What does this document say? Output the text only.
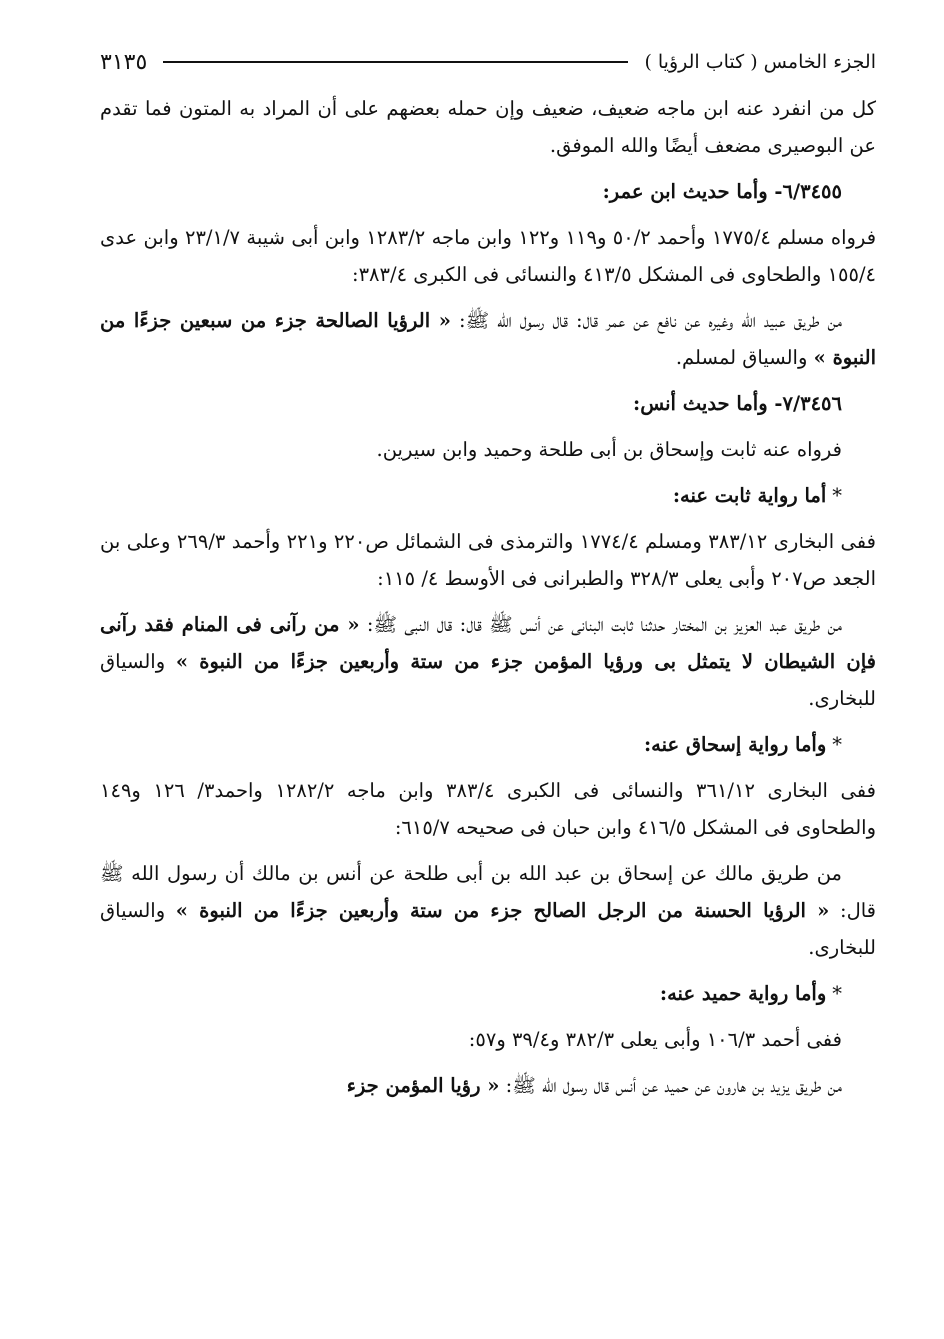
الجزء الخامس ( كتاب الرؤيا )
٣١٣٥

كل من انفرد عنه ابن ماجه ضعيف، ضعيف وإن حمله بعضهم على أن المراد به المتون فما تقدم عن البوصيرى مضعف أيضًا والله الموفق.

٦/٣٤٥٥- وأما حديث ابن عمر:

فرواه مسلم ١٧٧٥/٤ وأحمد ٥٠/٢ و١١٩ و١٢٢ وابن ماجه ١٢٨٣/٢ وابن أبى شيبة ٢٣/١/٧ وابن عدى ١٥٥/٤ والطحاوى فى المشكل ٤١٣/٥ والنسائى فى الكبرى ٣٨٣/٤:

من طريق عبيد الله وغيره عن نافع عن عمر قال: قال رسول الله ﷺ: « الرؤيا الصالحة جزء من سبعين جزءًا من النبوة » والسياق لمسلم.

٧/٣٤٥٦- وأما حديث أنس:

فرواه عنه ثابت وإسحاق بن أبى طلحة وحميد وابن سيرين.

*أما رواية ثابت عنه:

ففى البخارى ٣٨٣/١٢ ومسلم ١٧٧٤/٤ والترمذى فى الشمائل ص٢٢٠ و٢٢١ وأحمد ٢٦٩/٣ وعلى بن الجعد ص٢٠٧ وأبى يعلى ٣٢٨/٣ والطبرانى فى الأوسط ٤/ ١١٥:

من طريق عبد العزيز بن المختار حدثنا ثابت البنانى عن أنس ﷺ قال: قال النبى ﷺ: « من رآنى فى المنام فقد رآنى فإن الشيطان لا يتمثل بى ورؤيا المؤمن جزء من ستة وأربعين جزءًا من النبوة » والسياق للبخارى.

*وأما رواية إسحاق عنه:

ففى البخارى ٣٦١/١٢ والنسائى فى الكبرى ٣٨٣/٤ وابن ماجه ١٢٨٢/٢ واحمد٣/ ١٢٦ و١٤٩ والطحاوى فى المشكل ٤١٦/٥ وابن حبان فى صحيحه ٦١٥/٧:

من طريق مالك عن إسحاق بن عبد الله بن أبى طلحة عن أنس بن مالك أن رسول الله ﷺ قال: « الرؤيا الحسنة من الرجل الصالح جزء من ستة وأربعين جزءًا من النبوة » والسياق للبخارى.

*وأما رواية حميد عنه:

ففى أحمد ١٠٦/٣ وأبى يعلى ٣٨٢/٣ و٣٩/٤ و٥٧:

من طريق يزيد بن هارون عن حميد عن أنس قال رسول الله ﷺ: « رؤيا المؤمن جزء
